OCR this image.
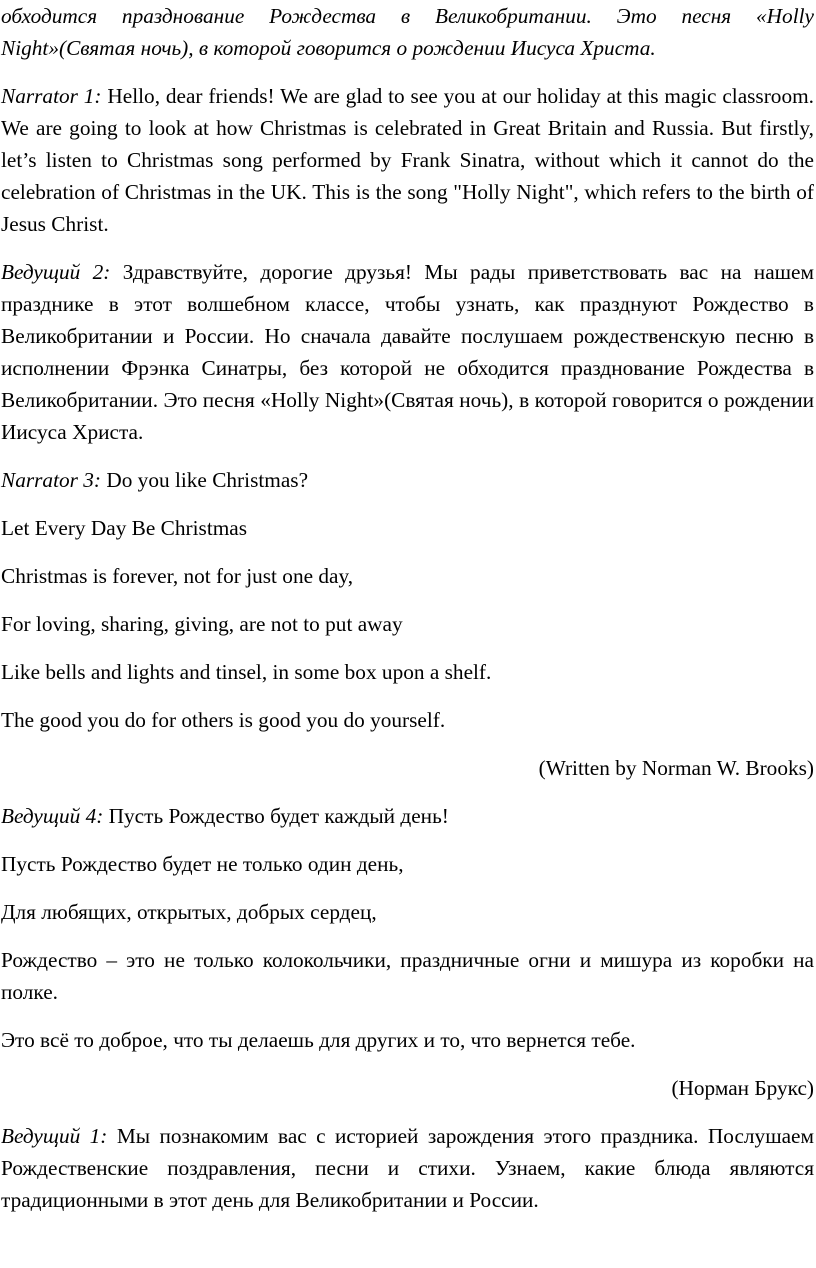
обходится празднование Рождества в Великобритании. Это песня «Holly Night»(Святая ночь), в которой говорится о рождении Иисуса Христа.

Narrator 1: Hello, dear friends! We are glad to see you at our holiday at this magic classroom. We are going to look at how Christmas is celebrated in Great Britain and Russia. But firstly, let’s listen to Christmas song performed by Frank Sinatra, without which it cannot do the celebration of Christmas in the UK. This is the song "Holly Night", which refers to the birth of Jesus Christ.

Ведущий 2: Здравствуйте, дорогие друзья! Мы рады приветствовать вас на нашем празднике в этот волшебном классе, чтобы узнать, как празднуют Рождество в Великобритании и России. Но сначала давайте послушаем рождественскую песню в исполнении Фрэнка Синатры, без которой не обходится празднование Рождества в Великобритании. Это песня «Holly Night»(Святая ночь), в которой говорится о рождении Иисуса Христа.

Narrator 3: Do you like Christmas?

Let Every Day Be Christmas

Christmas is forever, not for just one day,

For loving, sharing, giving, are not to put away

Like bells and lights and tinsel, in some box upon a shelf.

The good you do for others is good you do yourself.

(Written by Norman W. Brooks)

Ведущий 4: Пусть Рождество будет каждый день!

Пусть Рождество будет не только один день,

Для любящих, открытых, добрых сердец,

Рождество – это не только колокольчики, праздничные огни и мишура из коробки на полке.

Это всё то доброе, что ты делаешь для других и то, что вернется тебе.

(Норман Брукс)

Ведущий 1: Мы познакомим вас с историей зарождения этого праздника. Послушаем Рождественские поздравления, песни и стихи. Узнаем, какие блюда являются традиционными в этот день для Великобритании и России.
